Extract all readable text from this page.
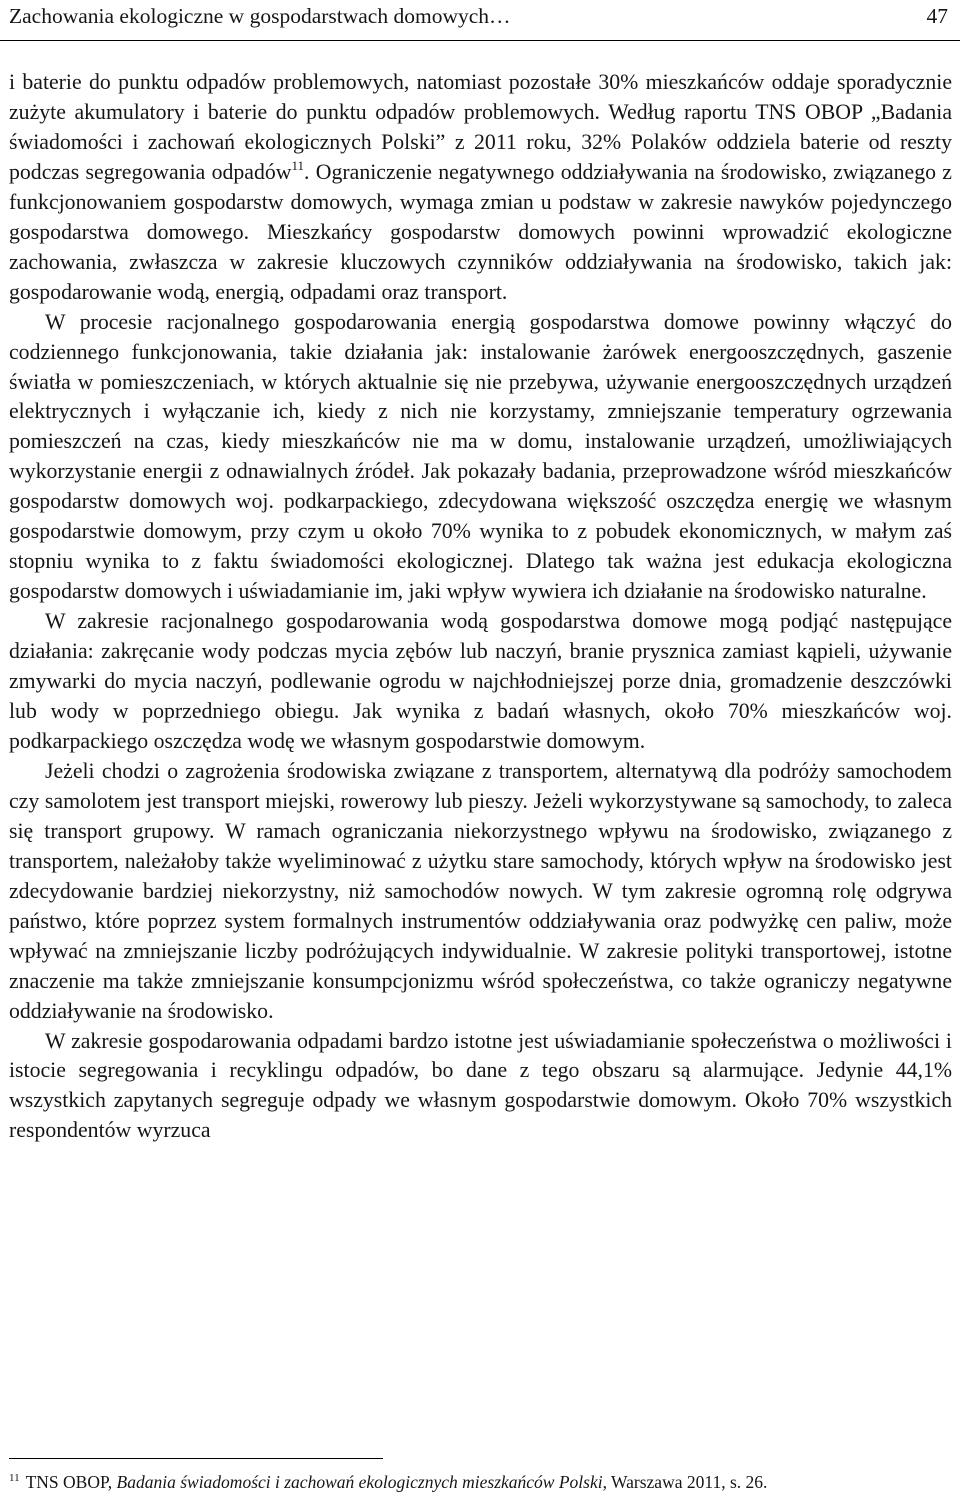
Zachowania ekologiczne w gospodarstwach domowych…	47

i baterie do punktu odpadów problemowych, natomiast pozostałe 30% mieszkańców oddaje sporadycznie zużyte akumulatory i baterie do punktu odpadów problemowych. Według raportu TNS OBOP „Badania świadomości i zachowań ekologicznych Polski” z 2011 roku, 32% Polaków oddziela baterie od reszty podczas segregowania odpadów$^{11}$. Ograniczenie negatywnego oddziaływania na środowisko, związanego z funkcjonowaniem gospodarstw domowych, wymaga zmian u podstaw w zakresie nawyków pojedynczego gospodarstwa domowego. Mieszkańcy gospodarstw domowych powinni wprowadzić ekologiczne zachowania, zwłaszcza w zakresie kluczowych czynników oddziaływania na środowisko, takich jak: gospodarowanie wodą, energią, odpadami oraz transport.

W procesie racjonalnego gospodarowania energią gospodarstwa domowe powinny włączyć do codziennego funkcjonowania, takie działania jak: instalowanie żarówek energooszczędnych, gaszenie światła w pomieszczeniach, w których aktualnie się nie przebywa, używanie energooszczędnych urządzeń elektrycznych i wyłączanie ich, kiedy z nich nie korzystamy, zmniejszanie temperatury ogrzewania pomieszczeń na czas, kiedy mieszkańców nie ma w domu, instalowanie urządzeń, umożliwiających wykorzystanie energii z odnawialnych źródeł. Jak pokazały badania, przeprowadzone wśród mieszkańców gospodarstw domowych woj. podkarpackiego, zdecydowana większość oszczędza energię we własnym gospodarstwie domowym, przy czym u około 70% wynika to z pobudek ekonomicznych, w małym zaś stopniu wynika to z faktu świadomości ekologicznej. Dlatego tak ważna jest edukacja ekologiczna gospodarstw domowych i uświadamianie im, jaki wpływ wywiera ich działanie na środowisko naturalne.

W zakresie racjonalnego gospodarowania wodą gospodarstwa domowe mogą podjąć następujące działania: zakręcanie wody podczas mycia zębów lub naczyń, branie prysznica zamiast kąpieli, używanie zmywarki do mycia naczyń, podlewanie ogrodu w najchłodniejszej porze dnia, gromadzenie deszczówki lub wody w poprzedniego obiegu. Jak wynika z badań własnych, około 70% mieszkańców woj. podkarpackiego oszczędza wodę we własnym gospodarstwie domowym.

Jeżeli chodzi o zagrożenia środowiska związane z transportem, alternatywą dla podróży samochodem czy samolotem jest transport miejski, rowerowy lub pieszy. Jeżeli wykorzystywane są samochody, to zaleca się transport grupowy. W ramach ograniczania niekorzystnego wpływu na środowisko, związanego z transportem, należałoby także wyeliminować z użytku stare samochody, których wpływ na środowisko jest zdecydowanie bardziej niekorzystny, niż samochodów nowych. W tym zakresie ogromną rolę odgrywa państwo, które poprzez system formalnych instrumentów oddziaływania oraz podwyżkę cen paliw, może wpływać na zmniejszanie liczby podróżujących indywidualnie. W zakresie polityki transportowej, istotne znaczenie ma także zmniejszanie konsumpcjonizmu wśród społeczeństwa, co także ograniczy negatywne oddziaływanie na środowisko.

W zakresie gospodarowania odpadami bardzo istotne jest uświadamianie społeczeństwa o możliwości i istocie segregowania i recyklingu odpadów, bo dane z tego obszaru są alarmujące. Jedynie 44,1% wszystkich zapytanych segreguje odpady we własnym gospodarstwie domowym. Około 70% wszystkich respondentów wyrzuca

$^{11}$ TNS OBOP, Badania świadomości i zachowań ekologicznych mieszkańców Polski, Warszawa 2011, s. 26.
